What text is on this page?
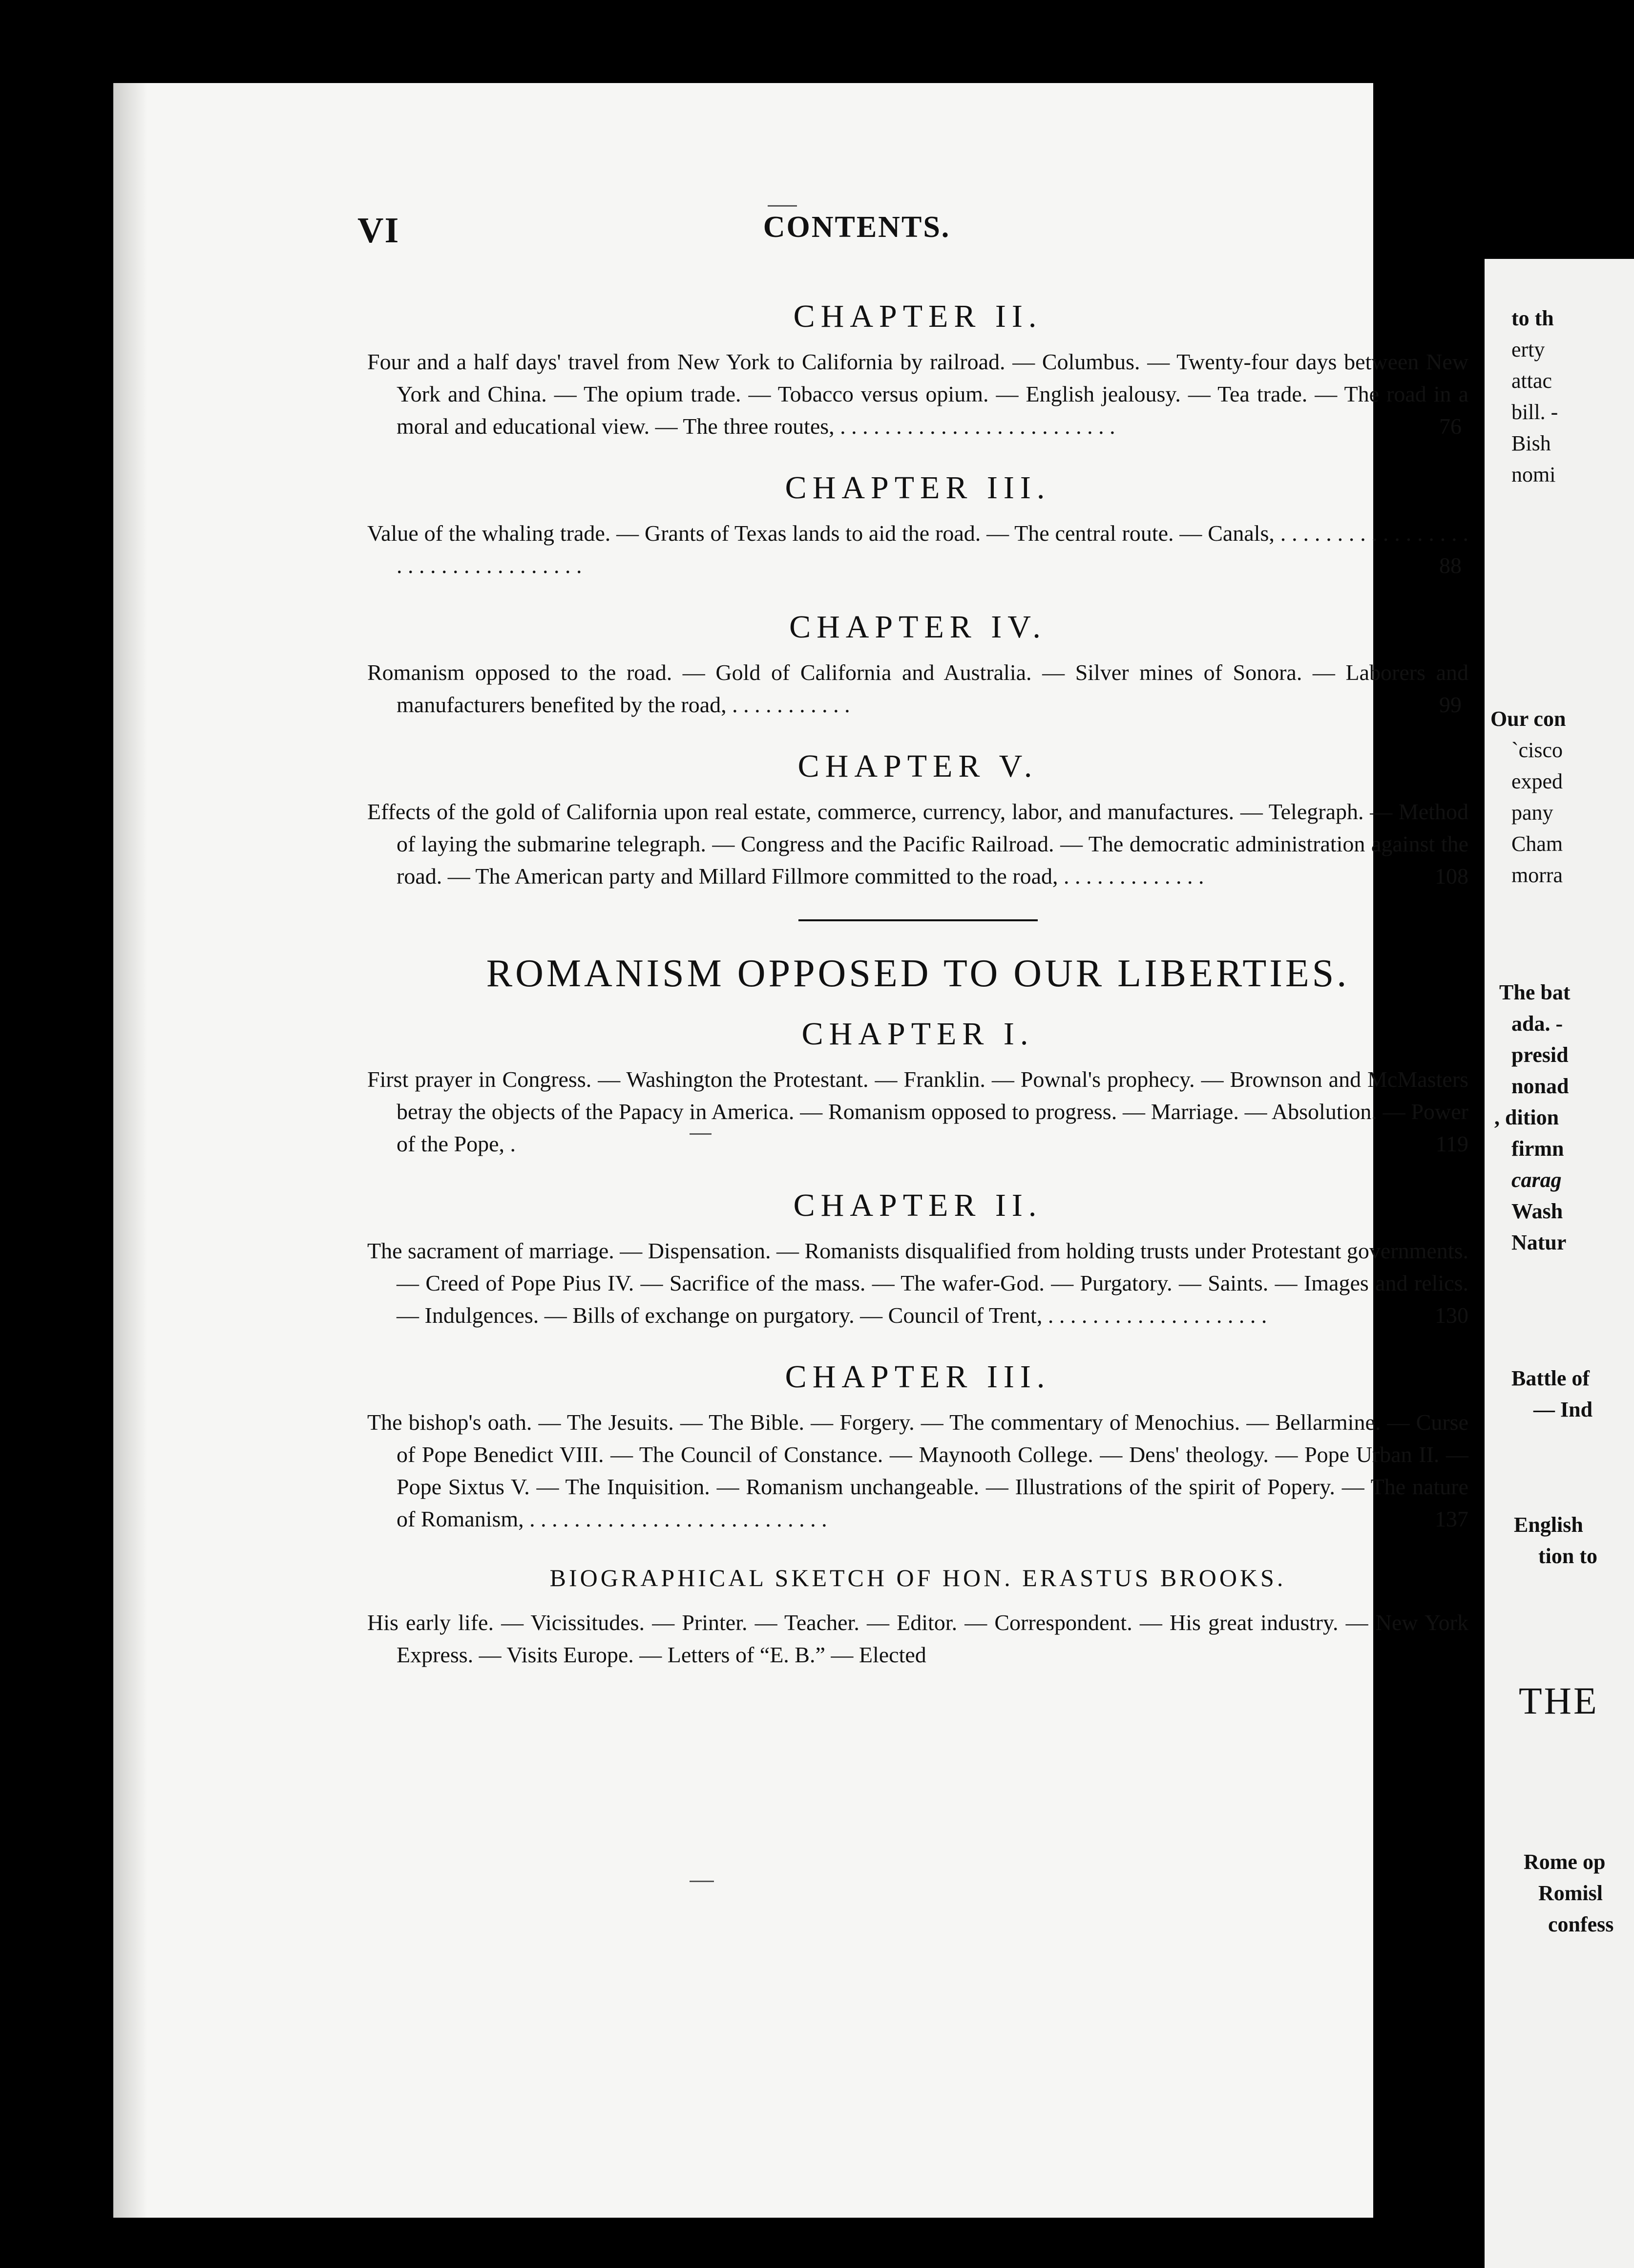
VI	CONTENTS.
CHAPTER II.

Four and a half days' travel from New York to California by railroad. — Columbus. — Twenty-four days between New York and China. — The opium trade. — Tobacco versus opium. — English jealousy. — Tea trade. — The road in a moral and educational view. — The three routes, . . . . . . . . . . . . . . . . . . . . . . . . .	76

CHAPTER III.

Value of the whaling trade. — Grants of Texas lands to aid the road. — The central route. — Canals, . . . . . . . . . . . . . . . . . . . . . . . . . . . . . . . . . .	88

CHAPTER IV.

Romanism opposed to the road. — Gold of California and Australia. — Silver mines of Sonora. — Laborers and manufacturers benefited by the road, . . . . . . . . . . .	99

CHAPTER V.

Effects of the gold of California upon real estate, commerce, currency, labor, and manufactures. — Telegraph. — Method of laying the submarine telegraph. — Congress and the Pacific Railroad. — The democratic administration against the road. — The American party and Millard Fillmore committed to the road, . . . . . . . . . . . . .	108

ROMANISM OPPOSED TO OUR LIBERTIES.
CHAPTER I.

First prayer in Congress. — Washington the Protestant. — Franklin. — Pownal's prophecy. — Brownson and McMasters betray the objects of the Papacy in America. — Romanism opposed to progress. — Marriage. — Absolution. — Power of the Pope, .	119

CHAPTER II.

The sacrament of marriage. — Dispensation. — Romanists disqualified from holding trusts under Protestant governments. — Creed of Pope Pius IV. — Sacrifice of the mass. — The wafer-God. — Purgatory. — Saints. — Images and relics. — Indulgences. — Bills of exchange on purgatory. — Council of Trent, . . . . . . . . . . . . . . . . . . . .	130

CHAPTER III.

The bishop's oath. — The Jesuits. — The Bible. — Forgery. — The commentary of Menochius. — Bellarmine. — Curse of Pope Benedict VIII. — The Council of Constance. — Maynooth College. — Dens' theology. — Pope Urban II. — Pope Sixtus V. — The Inquisition. — Romanism unchangeable. — Illustrations of the spirit of Popery. — The nature of Romanism, . . . . . . . . . . . . . . . . . . . . . . . . . . .	137

BIOGRAPHICAL SKETCH OF HON. ERASTUS BROOKS.

His early life. — Vicissitudes. — Printer. — Teacher. — Editor. — Correspondent. — His great industry. — New York Express. — Visits Europe. — Letters of “E. B.” — Elected

to th
erty
attac
bill. -
Bish
nomi
Our con
`cisco
exped
pany
Cham
morra
The bat
ada. -
presid
nonad
, dition
firmn
carag
Wash
Natur
Battle of
— Ind
English
tion to
THE
Rome op
Romisl
confess
